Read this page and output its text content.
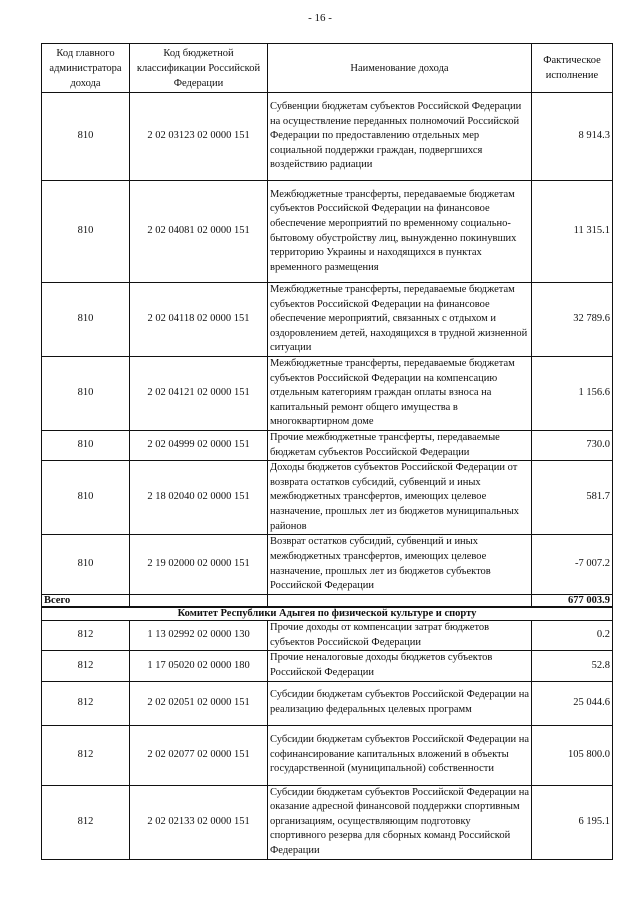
- 16 -
Код главного администратора дохода	Код бюджетной классификации Российской Федерации	Наименование дохода	Фактическое исполнение
810	2 02 03123 02 0000 151	Субвенции бюджетам субъектов Российской Федерации на осуществление переданных полномочий Российской Федерации по предоставлению отдельных мер социальной поддержки граждан, подвергшихся воздействию радиации	8 914.3
810	2 02 04081 02 0000 151	Межбюджетные трансферты, передаваемые бюджетам субъектов Российской Федерации на финансовое обеспечение мероприятий по временному социально-бытовому обустройству лиц, вынужденно покинувших территорию Украины и находящихся в пунктах временного размещения	11 315.1
810	2 02 04118 02 0000 151	Межбюджетные трансферты, передаваемые бюджетам субъектов Российской Федерации на финансовое обеспечение мероприятий, связанных с отдыхом и оздоровлением детей, находящихся в трудной жизненной ситуации	32 789.6
810	2 02 04121 02 0000 151	Межбюджетные трансферты, передаваемые бюджетам субъектов Российской Федерации на компенсацию отдельным категориям граждан оплаты взноса на капитальный ремонт общего имущества в многоквартирном доме	1 156.6
810	2 02 04999 02 0000 151	Прочие межбюджетные трансферты, передаваемые бюджетам субъектов Российской Федерации	730.0
810	2 18 02040 02 0000 151	Доходы бюджетов субъектов Российской Федерации от возврата остатков субсидий, субвенций и иных межбюджетных трансфертов, имеющих целевое назначение, прошлых лет из бюджетов муниципальных районов	581.7
810	2 19 02000 02 0000 151	Возврат остатков субсидий, субвенций и иных межбюджетных трансфертов, имеющих целевое назначение, прошлых лет из бюджетов субъектов Российской Федерации	-7 007.2
Всего			677 003.9
Комитет Республики Адыгея по физической культуре и спорту			
812	1 13 02992 02 0000 130	Прочие доходы от компенсации затрат бюджетов субъектов Российской Федерации	0.2
812	1 17 05020 02 0000 180	Прочие неналоговые доходы бюджетов субъектов Российской Федерации	52.8
812	2 02 02051 02 0000 151	Субсидии бюджетам субъектов Российской Федерации на реализацию федеральных целевых программ	25 044.6
812	2 02 02077 02 0000 151	Субсидии бюджетам субъектов Российской Федерации на софинансирование капитальных вложений в объекты государственной (муниципальной) собственности	105 800.0
812	2 02 02133 02 0000 151	Субсидии бюджетам субъектов Российской Федерации на оказание адресной финансовой поддержки спортивным организациям, осуществляющим подготовку спортивного резерва для сборных команд Российской Федерации	6 195.1
